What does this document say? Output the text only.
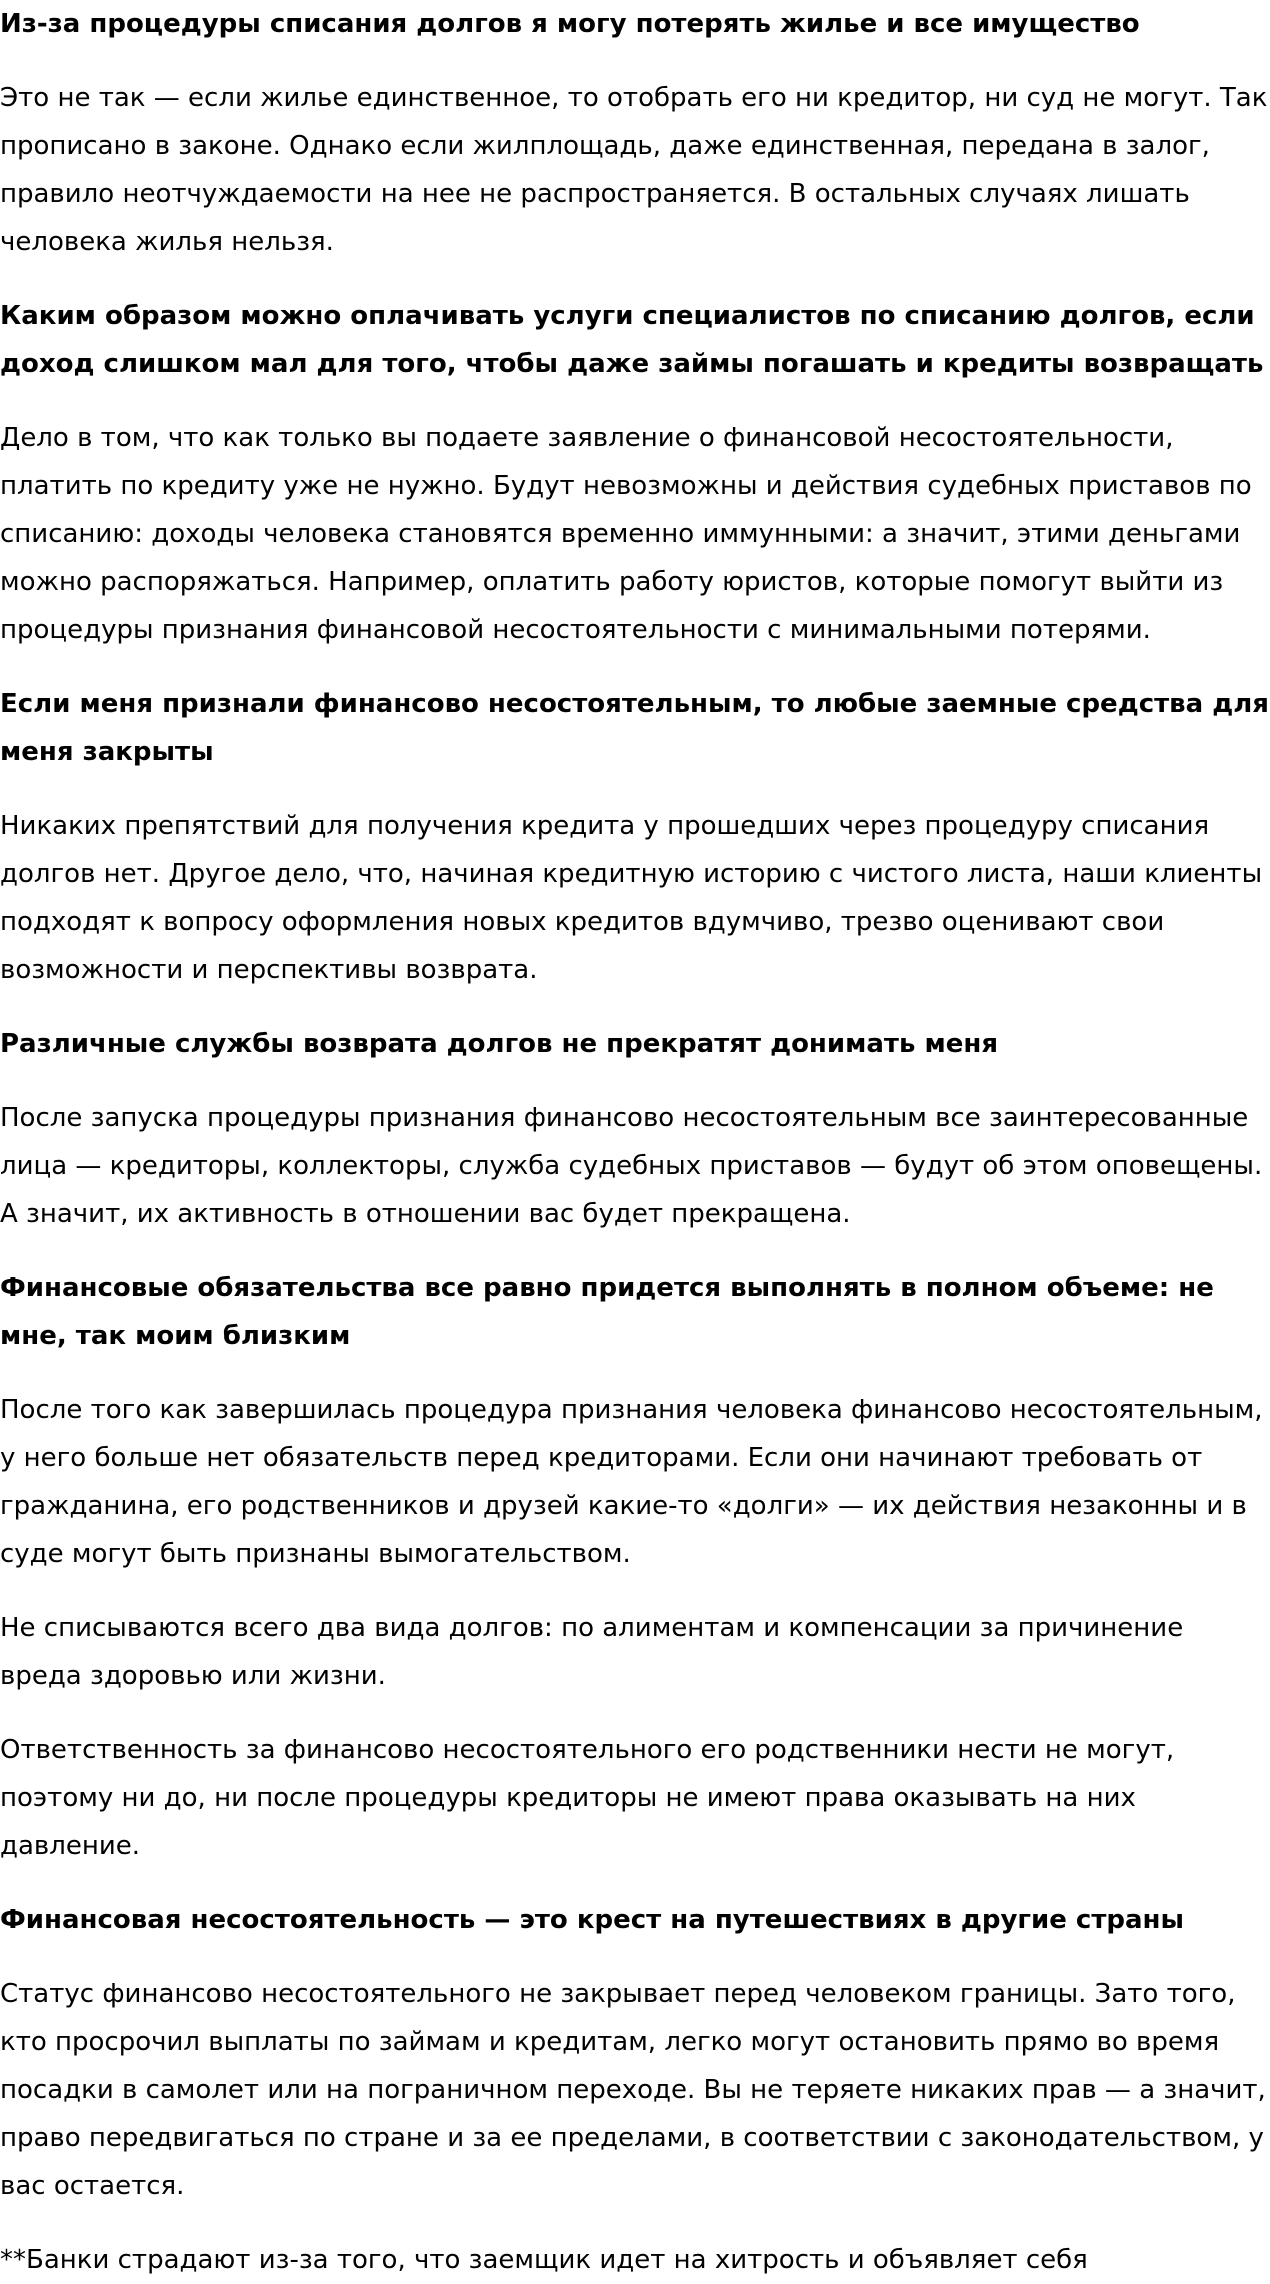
Из-за процедуры списания долгов я могу потерять жилье и все имущество

Это не так — если жилье единственное, то отобрать его ни кредитор, ни суд не могут. Так прописано в законе. Однако если жилплощадь, даже единственная, передана в залог, правило неотчуждаемости на нее не распространяется. В остальных случаях лишать человека жилья нельзя.

Каким образом можно оплачивать услуги специалистов по списанию долгов, если доход слишком мал для того, чтобы даже займы погашать и кредиты возвращать

Дело в том, что как только вы подаете заявление о финансовой несостоятельности, платить по кредиту уже не нужно. Будут невозможны и действия судебных приставов по списанию: доходы человека становятся временно иммунными: а значит, этими деньгами можно распоряжаться. Например, оплатить работу юристов, которые помогут выйти из процедуры признания финансовой несостоятельности с минимальными потерями.

Если меня признали финансово несостоятельным, то любые заемные средства для меня закрыты

Никаких препятствий для получения кредита у прошедших через процедуру списания долгов нет. Другое дело, что, начиная кредитную историю с чистого листа, наши клиенты подходят к вопросу оформления новых кредитов вдумчиво, трезво оценивают свои возможности и перспективы возврата.

Различные службы возврата долгов не прекратят донимать меня

После запуска процедуры признания финансово несостоятельным все заинтересованные лица — кредиторы, коллекторы, служба судебных приставов — будут об этом оповещены. А значит, их активность в отношении вас будет прекращена.

Финансовые обязательства все равно придется выполнять в полном объеме: не мне, так моим близким

После того как завершилась процедура признания человека финансово несостоятельным, у него больше нет обязательств перед кредиторами. Если они начинают требовать от гражданина, его родственников и друзей какие-то «долги» — их действия незаконны и в суде могут быть признаны вымогательством.

Не списываются всего два вида долгов: по алиментам и компенсации за причинение вреда здоровью или жизни.

Ответственность за финансово несостоятельного его родственники нести не могут, поэтому ни до, ни после процедуры кредиторы не имеют права оказывать на них давление.

Финансовая несостоятельность — это крест на путешествиях в другие страны

Статус финансово несостоятельного не закрывает перед человеком границы. Зато того, кто просрочил выплаты по займам и кредитам, легко могут остановить прямо во время посадки в самолет или на пограничном переходе. Вы не теряете никаких прав — а значит, право передвигаться по стране и за ее пределами, в соответствии с законодательством, у вас остается.

**Банки страдают из-за того, что заемщик идет на хитрость и объявляет себя
